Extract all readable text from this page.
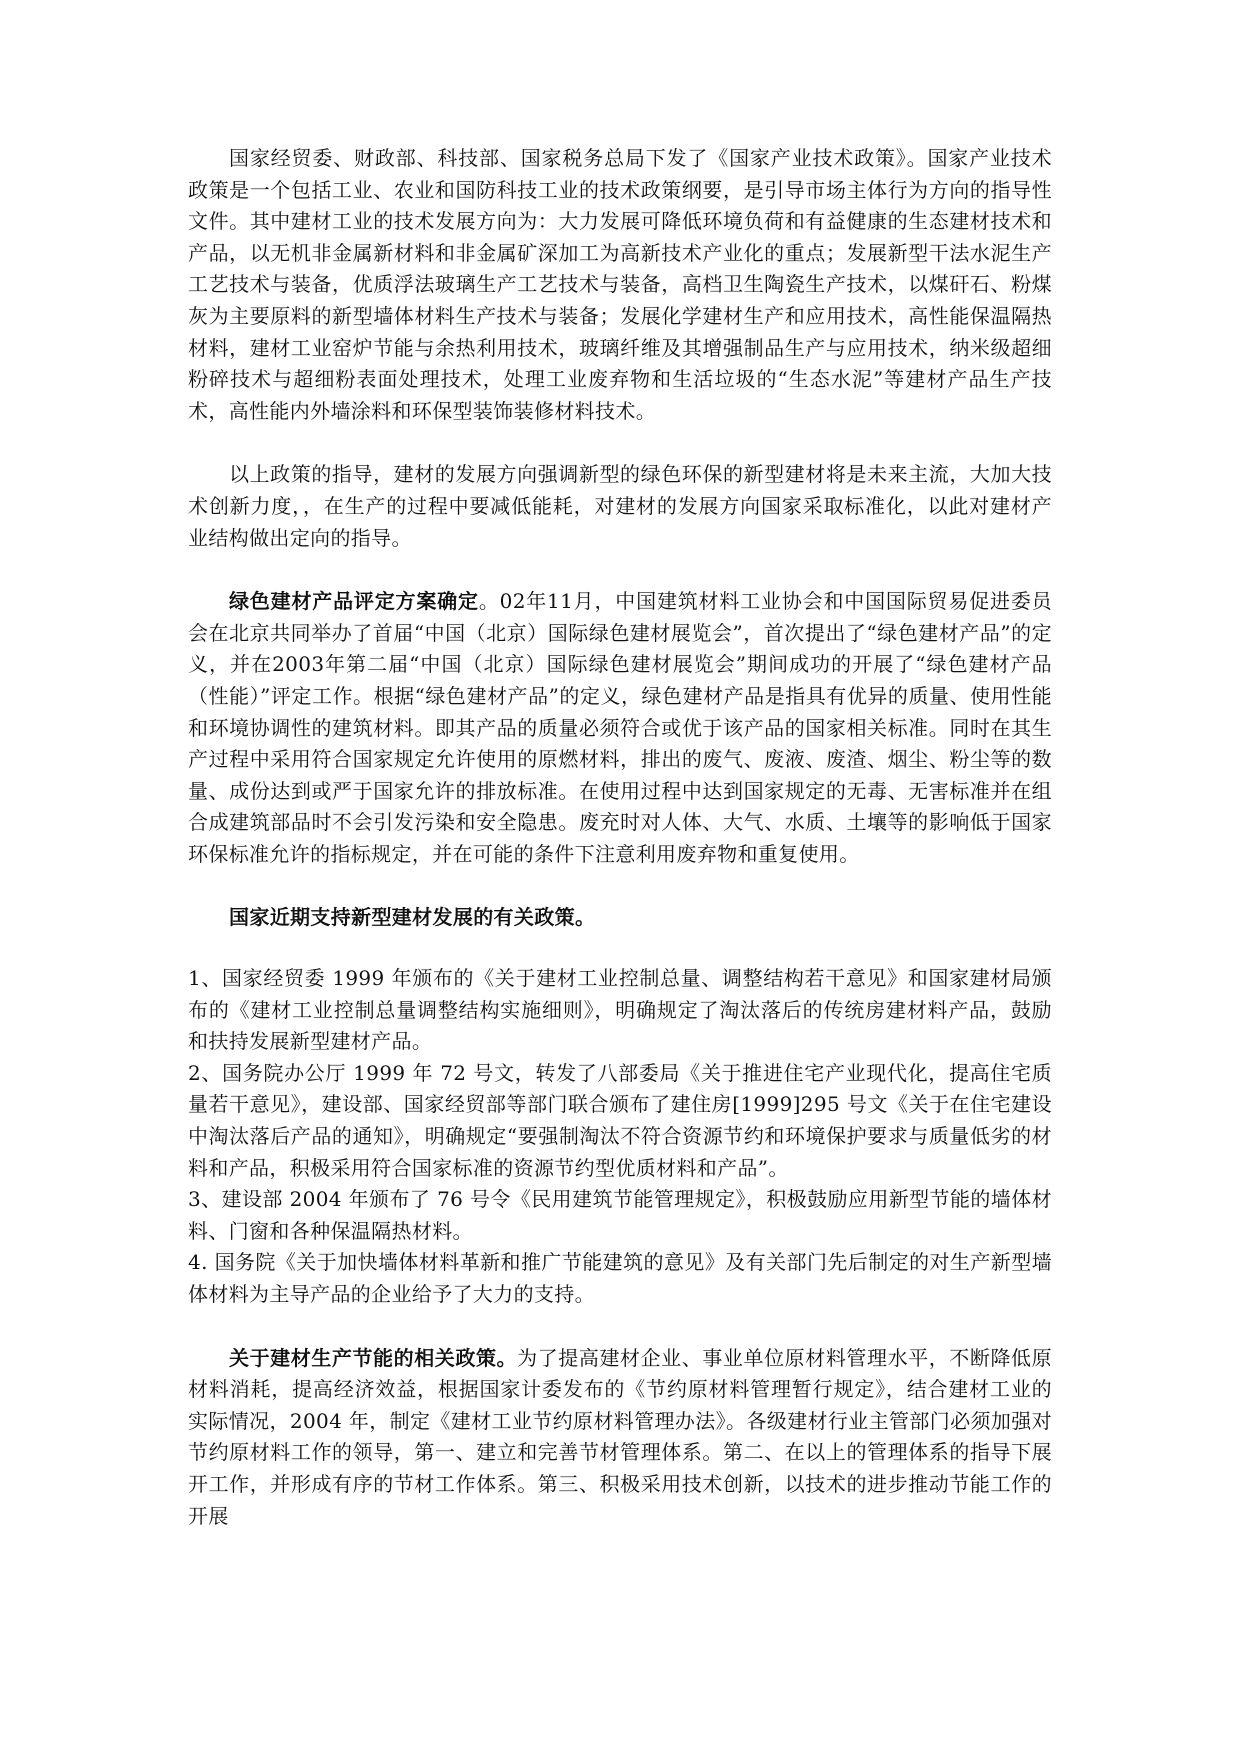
国家经贸委、财政部、科技部、国家税务总局下发了《国家产业技术政策》。国家产业技术政策是一个包括工业、农业和国防科技工业的技术政策纲要，是引导市场主体行为方向的指导性文件。其中建材工业的技术发展方向为：大力发展可降低环境负荷和有益健康的生态建材技术和产品，以无机非金属新材料和非金属矿深加工为高新技术产业化的重点；发展新型干法水泥生产工艺技术与装备，优质浮法玻璃生产工艺技术与装备，高档卫生陶瓷生产技术，以煤矸石、粉煤灰为主要原料的新型墙体材料生产技术与装备；发展化学建材生产和应用技术，高性能保温隔热材料，建材工业窑炉节能与余热利用技术，玻璃纤维及其增强制品生产与应用技术，纳米级超细粉碎技术与超细粉表面处理技术，处理工业废弃物和生活垃圾的“生态水泥”等建材产品生产技术，高性能内外墙涂料和环保型装饰装修材料技术。

以上政策的指导，建材的发展方向强调新型的绿色环保的新型建材将是未来主流，大加大技术创新力度，，在生产的过程中要减低能耗，对建材的发展方向国家采取标准化，以此对建材产业结构做出定向的指导。

绿色建材产品评定方案确定。02年11月，中国建筑材料工业协会和中国国际贸易促进委员会在北京共同举办了首届“中国（北京）国际绿色建材展览会”，首次提出了“绿色建材产品”的定义，并在2003年第二届“中国（北京）国际绿色建材展览会”期间成功的开展了“绿色建材产品（性能）”评定工作。根据“绿色建材产品”的定义，绿色建材产品是指具有优异的质量、使用性能和环境协调性的建筑材料。即其产品的质量必须符合或优于该产品的国家相关标准。同时在其生产过程中采用符合国家规定允许使用的原燃材料，排出的废气、废液、废渣、烟尘、粉尘等的数量、成份达到或严于国家允许的排放标准。在使用过程中达到国家规定的无毒、无害标准并在组合成建筑部品时不会引发污染和安全隐患。废充时对人体、大气、水质、土壤等的影响低于国家环保标准允许的指标规定，并在可能的条件下注意利用废弃物和重复使用。

国家近期支持新型建材发展的有关政策。

1、国家经贸委 1999 年颁布的《关于建材工业控制总量、调整结构若干意见》和国家建材局颁布的《建材工业控制总量调整结构实施细则》，明确规定了淘汰落后的传统房建材料产品，鼓励和扶持发展新型建材产品。

2、国务院办公厅 1999 年 72 号文，转发了八部委局《关于推进住宅产业现代化，提高住宅质量若干意见》，建设部、国家经贸部等部门联合颁布了建住房[1999]295 号文《关于在住宅建设中淘汰落后产品的通知》，明确规定“要强制淘汰不符合资源节约和环境保护要求与质量低劣的材料和产品，积极采用符合国家标准的资源节约型优质材料和产品”。

3、建设部 2004 年颁布了 76 号令《民用建筑节能管理规定》，积极鼓励应用新型节能的墙体材料、门窗和各种保温隔热材料。

4. 国务院《关于加快墙体材料革新和推广节能建筑的意见》及有关部门先后制定的对生产新型墙体材料为主导产品的企业给予了大力的支持。

关于建材生产节能的相关政策。为了提高建材企业、事业单位原材料管理水平，不断降低原材料消耗，提高经济效益，根据国家计委发布的《节约原材料管理暂行规定》，结合建材工业的实际情况，2004 年，制定《建材工业节约原材料管理办法》。各级建材行业主管部门必须加强对节约原材料工作的领导，第一、建立和完善节材管理体系。第二、在以上的管理体系的指导下展开工作，并形成有序的节材工作体系。第三、积极采用技术创新，以技术的进步推动节能工作的开展
